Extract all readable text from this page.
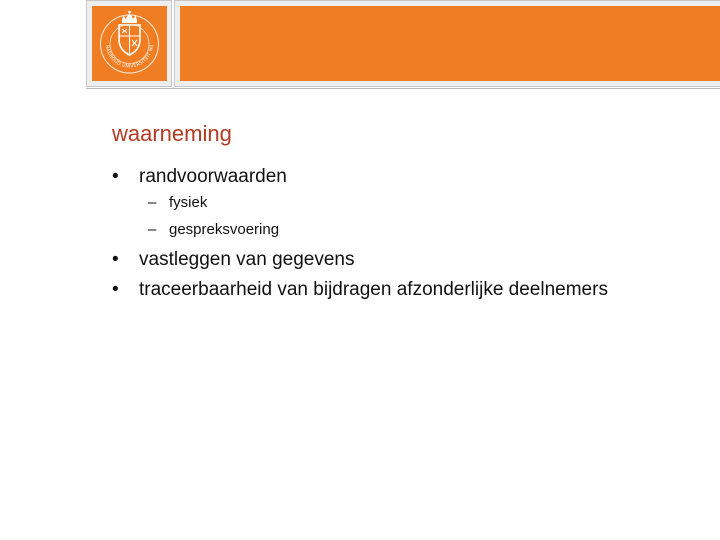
RADBOUD UNIVERSITEIT NIJ
waarneming
• randvoorwaarden
– fysiek
– gespreksvoering
• vastleggen van gegevens
• traceerbaarheid van bijdragen afzonderlijke deelnemers
